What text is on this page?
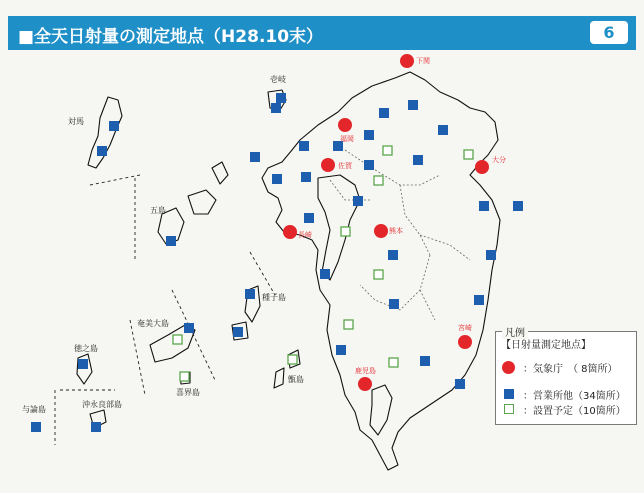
■全天日射量の測定地点（H28.10末）	6
壱岐
対馬
五島
種子島
奄美大島
徳之島
喜界島
沖永良部島
与論島
甑島
下関
福岡
佐賀
長崎	熊本
大分
宮崎
鹿児島
凡例
【日射量測定地点】
：気象庁　（ 8箇所）
：営業所他（34箇所）
：設置予定（10箇所）
